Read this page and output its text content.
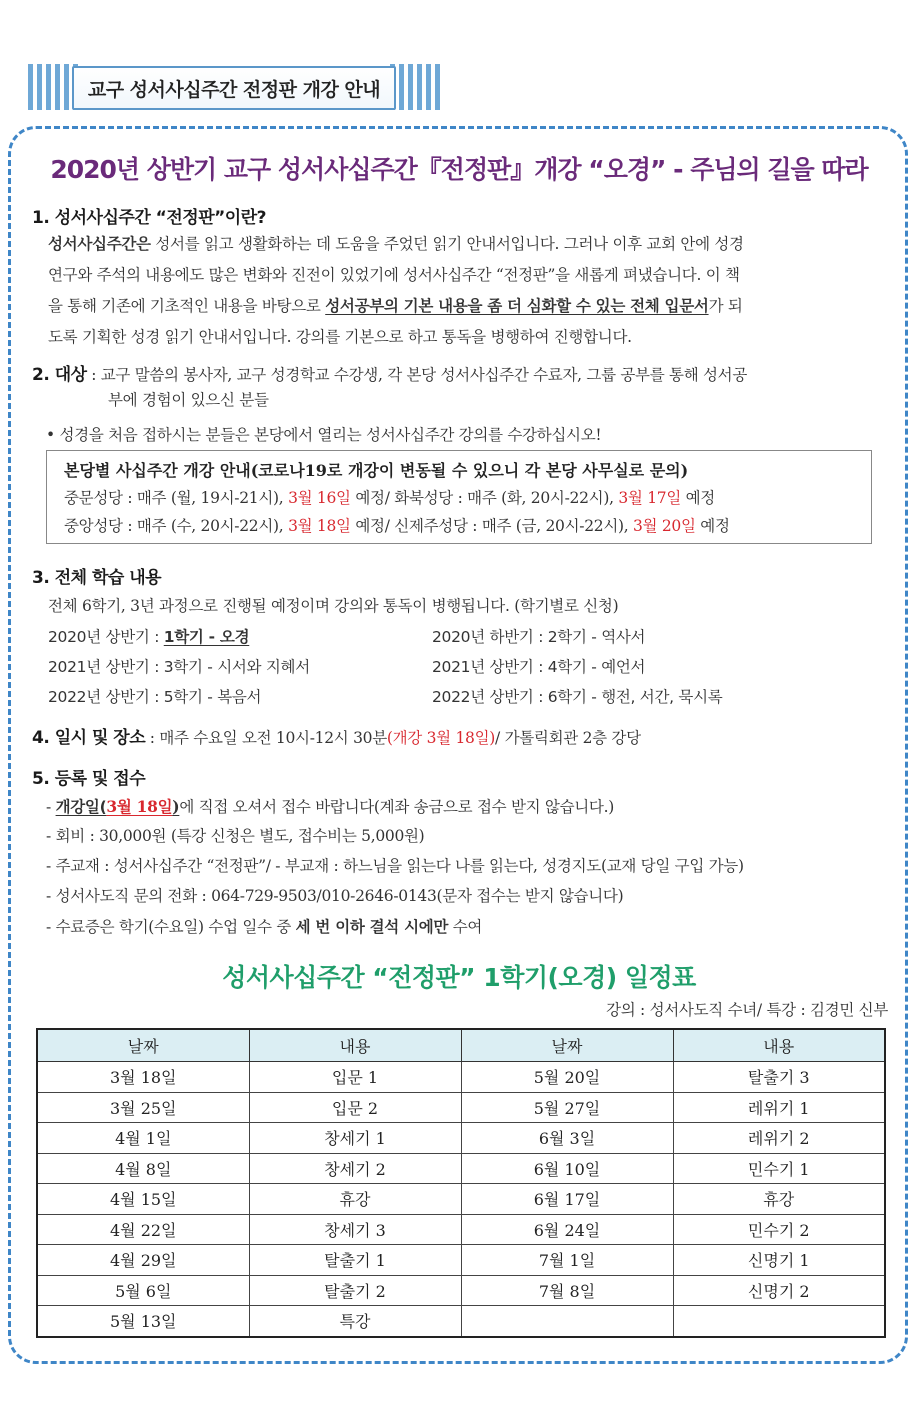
교구 성서사십주간 전정판 개강 안내
2020년 상반기 교구 성서사십주간『전정판』개강 “오경” - 주님의 길을 따라
1. 성서사십주간 “전정판”이란?
성서사십주간은 성서를 읽고 생활화하는 데 도움을 주었던 읽기 안내서입니다. 그러나 이후 교회 안에 성경
연구와 주석의 내용에도 많은 변화와 진전이 있었기에 성서사십주간 “전정판”을 새롭게 펴냈습니다. 이 책
을 통해 기존에 기초적인 내용을 바탕으로 성서공부의 기본 내용을 좀 더 심화할 수 있는 전체 입문서가 되
도록 기획한 성경 읽기 안내서입니다. 강의를 기본으로 하고 통독을 병행하여 진행합니다.
2. 대상 : 교구 말씀의 봉사자, 교구 성경학교 수강생, 각 본당 성서사십주간 수료자, 그룹 공부를 통해 성서공
부에 경험이 있으신 분들
• 성경을 처음 접하시는 분들은 본당에서 열리는 성서사십주간 강의를 수강하십시오!
본당별 사십주간 개강 안내(코로나19로 개강이 변동될 수 있으니 각 본당 사무실로 문의)
중문성당 : 매주 (월, 19시-21시), 3월 16일 예정/ 화북성당 : 매주 (화, 20시-22시), 3월 17일 예정
중앙성당 : 매주 (수, 20시-22시), 3월 18일 예정/ 신제주성당 : 매주 (금, 20시-22시), 3월 20일 예정
3. 전체 학습 내용
전체 6학기, 3년 과정으로 진행될 예정이며 강의와 통독이 병행됩니다. (학기별로 신청)
2020년 상반기 : 1학기 - 오경
2021년 상반기 : 3학기 - 시서와 지혜서
2022년 상반기 : 5학기 - 복음서
2020년 하반기 : 2학기 - 역사서
2021년 상반기 : 4학기 - 예언서
2022년 상반기 : 6학기 - 행전, 서간, 묵시록
4. 일시 및 장소 : 매주 수요일 오전 10시-12시 30분(개강 3월 18일)/ 가톨릭회관 2층 강당
5. 등록 및 접수
- 개강일(3월 18일)에 직접 오셔서 접수 바랍니다(계좌 송금으로 접수 받지 않습니다.)
- 회비 : 30,000원 (특강 신청은 별도, 접수비는 5,000원)
- 주교재 : 성서사십주간 “전정판”/ - 부교재 : 하느님을 읽는다 나를 읽는다, 성경지도(교재 당일 구입 가능)
- 성서사도직 문의 전화 : 064-729-9503/010-2646-0143(문자 접수는 받지 않습니다)
- 수료증은 학기(수요일) 수업 일수 중 세 번 이하 결석 시에만 수여
성서사십주간 “전정판” 1학기(오경) 일정표
강의 : 성서사도직 수녀/ 특강 : 김경민 신부
날짜	내용	날짜	내용
3월 18일	입문 1	5월 20일	탈출기 3
3월 25일	입문 2	5월 27일	레위기 1
4월 1일	창세기 1	6월 3일	레위기 2
4월 8일	창세기 2	6월 10일	민수기 1
4월 15일	휴강	6월 17일	휴강
4월 22일	창세기 3	6월 24일	민수기 2
4월 29일	탈출기 1	7월 1일	신명기 1
5월 6일	탈출기 2	7월 8일	신명기 2
5월 13일	특강		
